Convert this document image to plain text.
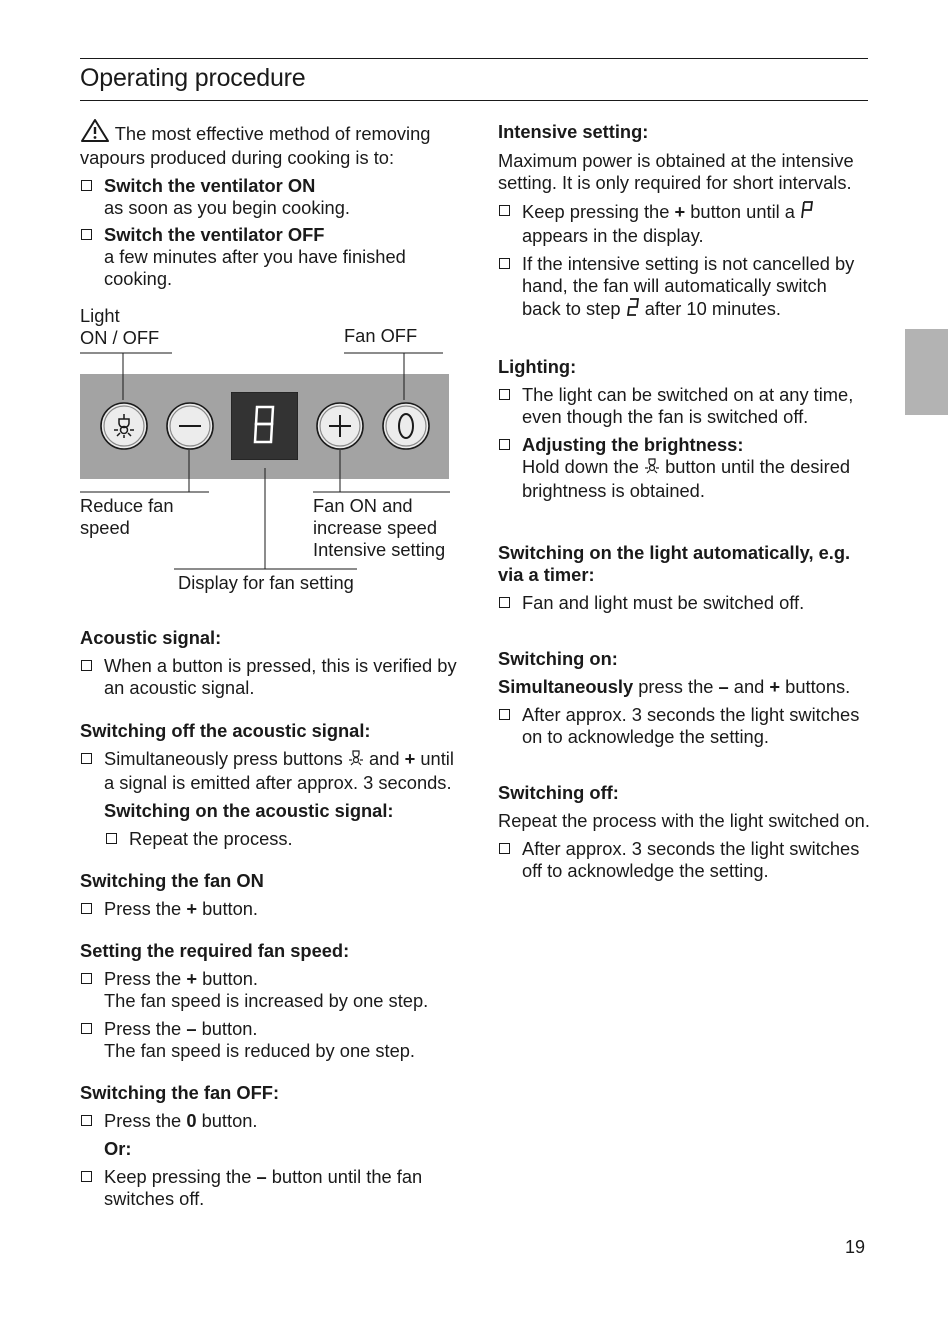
Operating procedure

The most effective method of removing vapours produced during cooking is to:

Switch the ventilator ON
as soon as you begin cooking.
Switch the ventilator OFF
a few minutes after you have finished cooking.
Light
ON / OFF	Fan OFF
Reduce fan
speed
Fan ON and
increase speed
Intensive setting
Display for fan setting

Acoustic signal:

When a button is pressed, this is verified by an acoustic signal.

Switching off the acoustic signal:

Simultaneously press buttons and + until a signal is emitted after approx. 3 seconds.

Switching on the acoustic signal:

Repeat the process.

Switching the fan ON

Press the + button.

Setting the required fan speed:

Press the + button.
The fan speed is increased by one step.
Press the – button.
The fan speed is reduced by one step.

Switching the fan OFF:

Press the 0 button.

Or:

Keep pressing the – button until the fan switches off.

Intensive setting:

Maximum power is obtained at the intensive setting. It is only required for short intervals.

Keep pressing the + button until a  appears in the display.
If the intensive setting is not cancelled by hand, the fan will automatically switch back to step after 10 minutes.

Lighting:

The light can be switched on at any time, even though the fan is switched off.
Adjusting the brightness:
Hold down the button until the desired brightness is obtained.

Switching on the light automatically, e.g. via a timer:

Fan and light must be switched off.

Switching on:

Simultaneously press the – and + buttons.

After approx. 3 seconds the light switches on to acknowledge the setting.

Switching off:

Repeat the process with the light switched on.

After approx. 3 seconds the light switches off to acknowledge the setting.
19
